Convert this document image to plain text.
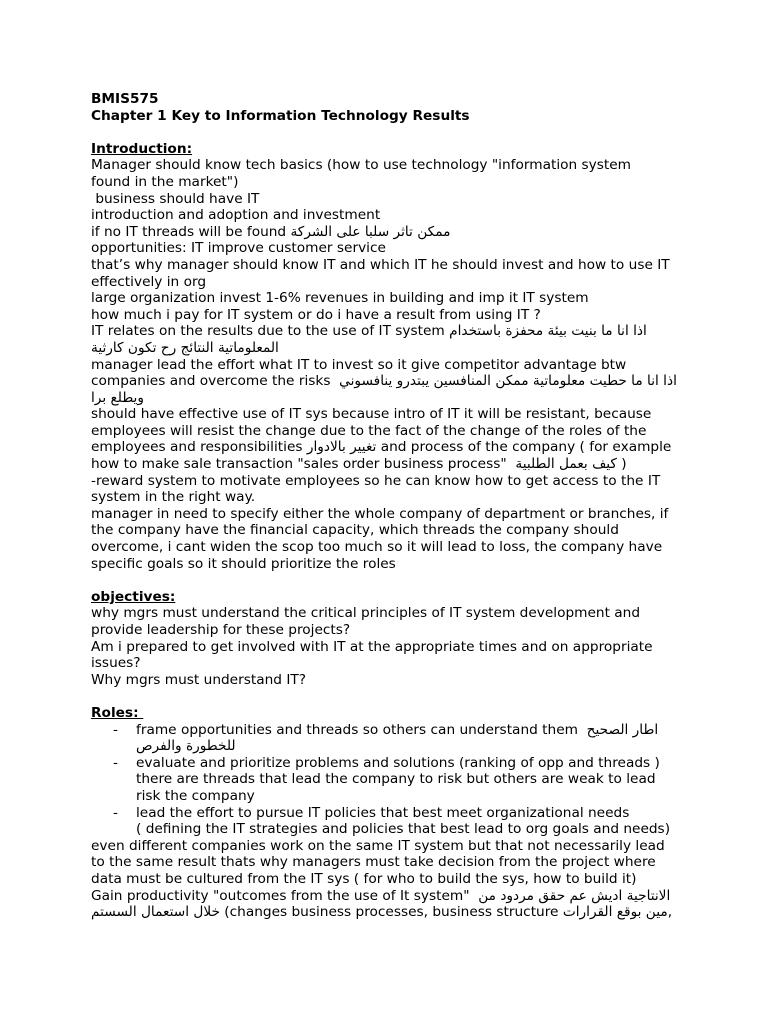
BMIS575
Chapter 1 Key to Information Technology Results
Introduction:
Manager should know tech basics (how to use technology "information system
found in the market")
business should have IT
introduction and adoption and investment
if no IT threads will be found ممكن تاثر سلبا على الشركة
opportunities: IT improve customer service
that’s why manager should know IT and which IT he should invest and how to use IT
effectively in org
large organization invest 1-6% revenues in building and imp it IT system
how much i pay for IT system or do i have a result from using IT ?
IT relates on the results due to the use of IT system اذا انا ما بنيت بيئة محفزة باستخدام
المعلوماتية النتائج رح تكون كارثية
manager lead the effort what IT to invest so it give competitor advantage btw
companies and overcome the risks  اذا انا ما حطيت معلوماتية ممكن المنافسين يبتدرو ينافسوني
ويطلع برا
should have effective use of IT sys because intro of IT it will be resistant, because
employees will resist the change due to the fact of the change of the roles of the
employees and responsibilities تغيير بالادوار and process of the company ( for example
how to make sale transaction "sales order business process"  كيف بعمل الطلبية )
-reward system to motivate employees so he can know how to get access to the IT
system in the right way.
manager in need to specify either the whole company of department or branches, if
the company have the financial capacity, which threads the company should
overcome, i cant widen the scop too much so it will lead to loss, the company have
specific goals so it should prioritize the roles
objectives:
why mgrs must understand the critical principles of IT system development and
provide leadership for these projects?
Am i prepared to get involved with IT at the appropriate times and on appropriate
issues?
Why mgrs must understand IT?
Roles:
- frame opportunities and threads so others can understand them  اطار الصحيح
للخطورة والفرص
- evaluate and prioritize problems and solutions (ranking of opp and threads )
there are threads that lead the company to risk but others are weak to lead
risk the company
- lead the effort to pursue IT policies that best meet organizational needs
( defining the IT strategies and policies that best lead to org goals and needs)
even different companies work on the same IT system but that not necessarily lead
to the same result thats why managers must take decision from the project where
data must be cultured from the IT sys ( for who to build the sys, how to build it)
Gain productivity "outcomes from the use of It system"  الانتاجية اديش عم حقق مردود من
خلال استعمال السستم (changes business processes, business structure مين بوقع القرارات,
